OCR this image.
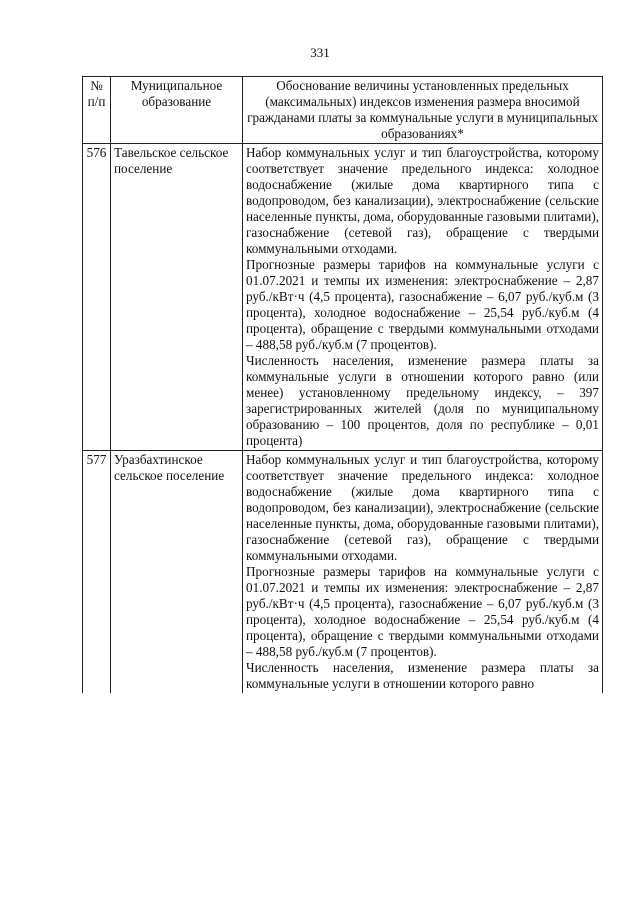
331
№ п/п	Муниципальное образование	Обоснование величины установленных предельных (максимальных) индексов изменения размера вносимой гражданами платы за коммунальные услуги в муниципальных образованиях*
576	Тавельское сельское поселение	Набор коммунальных услуг и тип благоустройства, которому соответствует значение предельного индекса: холодное водоснабжение (жилые дома квартирного типа с водопроводом, без канализации), электроснабжение (сельские населенные пункты, дома, оборудованные газовыми плитами), газоснабжение (сетевой газ), обращение с твердыми коммунальными отходами.

Прогнозные размеры тарифов на коммунальные услуги с 01.07.2021 и темпы их изменения: электроснабжение – 2,87 руб./кВт·ч (4,5 процента), газоснабжение – 6,07 руб./куб.м (3 процента), холодное водоснабжение – 25,54 руб./куб.м (4 процента), обращение с твердыми коммунальными отходами – 488,58 руб./куб.м (7 процентов).

Численность населения, изменение размера платы за коммунальные услуги в отношении которого равно (или менее) установленному предельному индексу, – 397 зарегистрированных жителей (доля по муниципальному образованию – 100 процентов, доля по республике – 0,01 процента)

577	Уразбахтинское сельское поселение	Набор коммунальных услуг и тип благоустройства, которому соответствует значение предельного индекса: холодное водоснабжение (жилые дома квартирного типа с водопроводом, без канализации), электроснабжение (сельские населенные пункты, дома, оборудованные газовыми плитами), газоснабжение (сетевой газ), обращение с твердыми коммунальными отходами.

Прогнозные размеры тарифов на коммунальные услуги с 01.07.2021 и темпы их изменения: электроснабжение – 2,87 руб./кВт·ч (4,5 процента), газоснабжение – 6,07 руб./куб.м (3 процента), холодное водоснабжение – 25,54 руб./куб.м (4 процента), обращение с твердыми коммунальными отходами – 488,58 руб./куб.м (7 процентов).

Численность населения, изменение размера платы за коммунальные услуги в отношении которого равно
